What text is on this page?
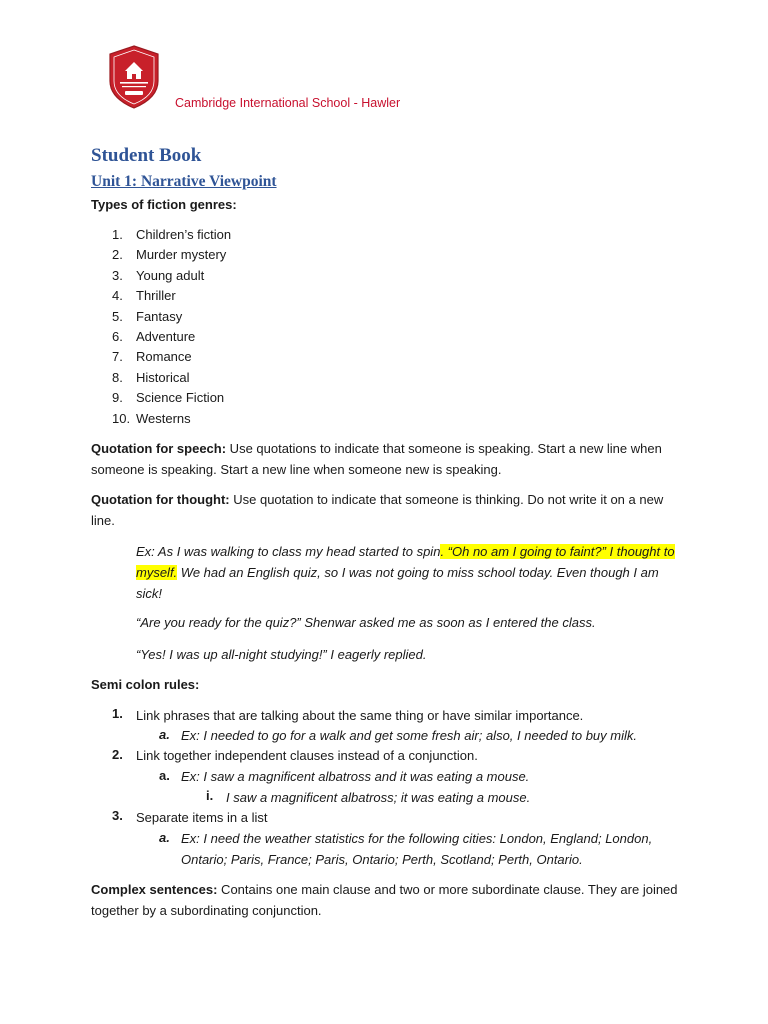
Cambridge International School - Hawler
Student Book
Unit 1: Narrative Viewpoint
Types of fiction genres:
1.	Children’s fiction
2.	Murder mystery
3.	Young adult
4.	Thriller
5.	Fantasy
6.	Adventure
7.	Romance
8.	Historical
9.	Science Fiction
10. Westerns
Quotation for speech: Use quotations to indicate that someone is speaking. Start a new line when someone is speaking. Start a new line when someone new is speaking.
Quotation for thought: Use quotation to indicate that someone is thinking. Do not write it on a new line.
Ex: As I was walking to class my head started to spin. “Oh no am I going to faint?” I thought to myself. We had an English quiz, so I was not going to miss school today. Even though I am sick!
“Are you ready for the quiz?” Shenwar asked me as soon as I entered the class.
“Yes! I was up all-night studying!” I eagerly replied.
Semi colon rules:
1. Link phrases that are talking about the same thing or have similar importance.
a. Ex: I needed to go for a walk and get some fresh air; also, I needed to buy milk.
2. Link together independent clauses instead of a conjunction.
a. Ex: I saw a magnificent albatross and it was eating a mouse.
i. I saw a magnificent albatross; it was eating a mouse.
3. Separate items in a list
a. Ex: I need the weather statistics for the following cities: London, England; London, Ontario; Paris, France; Paris, Ontario; Perth, Scotland; Perth, Ontario.
Complex sentences: Contains one main clause and two or more subordinate clause. They are joined together by a subordinating conjunction.
